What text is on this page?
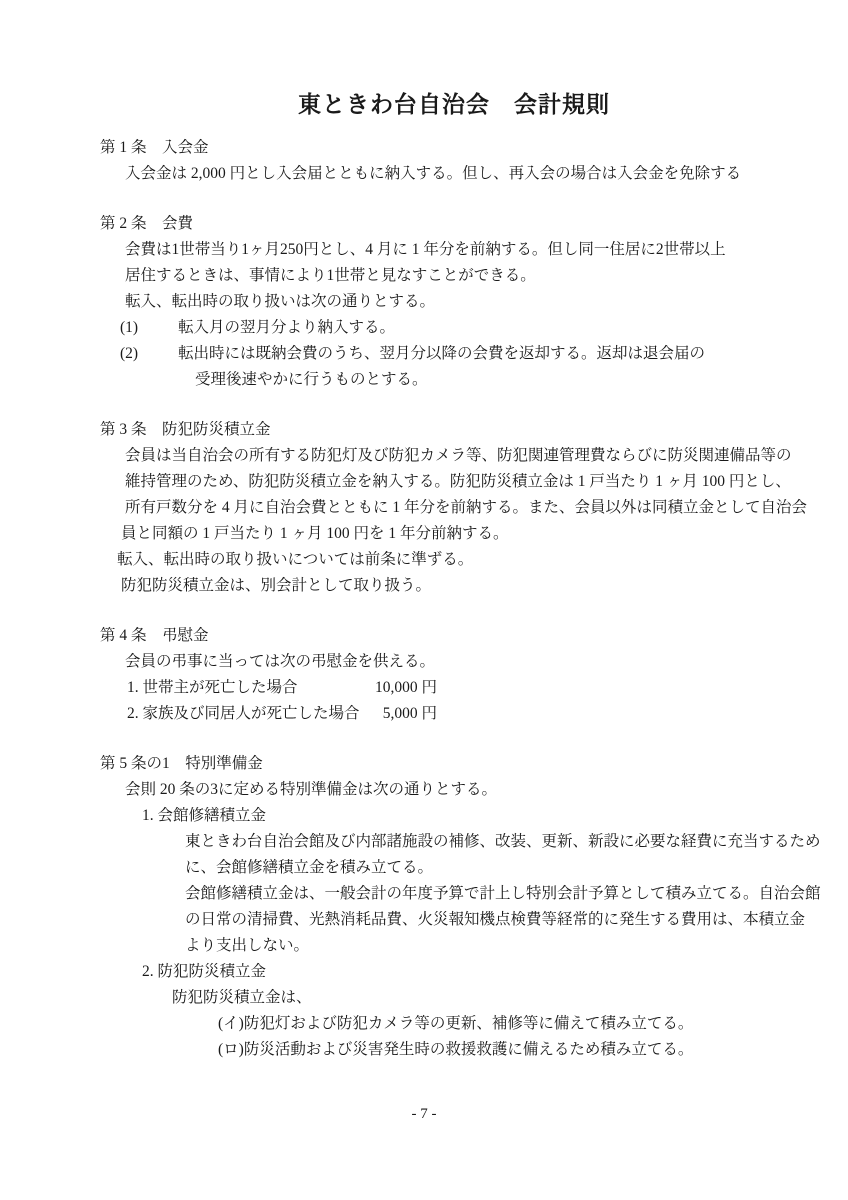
東ときわ台自治会　会計規則
第 1 条　入会金
入会金は 2,000 円とし入会届とともに納入する。但し、再入会の場合は入会金を免除する
第 2 条　会費
会費は1世帯当り1ヶ月250円とし、4 月に 1 年分を前納する。但し同一住居に2世帯以上
居住するときは、事情により1世帯と見なすことができる。
転入、転出時の取り扱いは次の通りとする。
(1)	転入月の翌月分より納入する。
(2)	転出時には既納会費のうち、翌月分以降の会費を返却する。返却は退会届の
受理後速やかに行うものとする。
第 3 条　防犯防災積立金
会員は当自治会の所有する防犯灯及び防犯カメラ等、防犯関連管理費ならびに防災関連備品等の
維持管理のため、防犯防災積立金を納入する。防犯防災積立金は 1 戸当たり 1 ヶ月 100 円とし、
所有戸数分を 4 月に自治会費とともに 1 年分を前納する。また、会員以外は同積立金として自治会
員と同額の 1 戸当たり 1 ヶ月 100 円を 1 年分前納する。
転入、転出時の取り扱いについては前条に準ずる。
防犯防災積立金は、別会計として取り扱う。
第 4 条　弔慰金
会員の弔事に当っては次の弔慰金を供える。
1. 世帯主が死亡した場合	10,000 円
2. 家族及び同居人が死亡した場合	5,000 円
第 5 条の1　特別準備金
会則 20 条の3に定める特別準備金は次の通りとする。
1. 会館修繕積立金
東ときわ台自治会館及び内部諸施設の補修、改装、更新、新設に必要な経費に充当するため
に、会館修繕積立金を積み立てる。
会館修繕積立金は、一般会計の年度予算で計上し特別会計予算として積み立てる。自治会館
の日常の清掃費、光熱消耗品費、火災報知機点検費等経常的に発生する費用は、本積立金
より支出しない。
2. 防犯防災積立金
防犯防災積立金は、
(イ)防犯灯および防犯カメラ等の更新、補修等に備えて積み立てる。
(ロ)防災活動および災害発生時の救援救護に備えるため積み立てる。
- 7 -
